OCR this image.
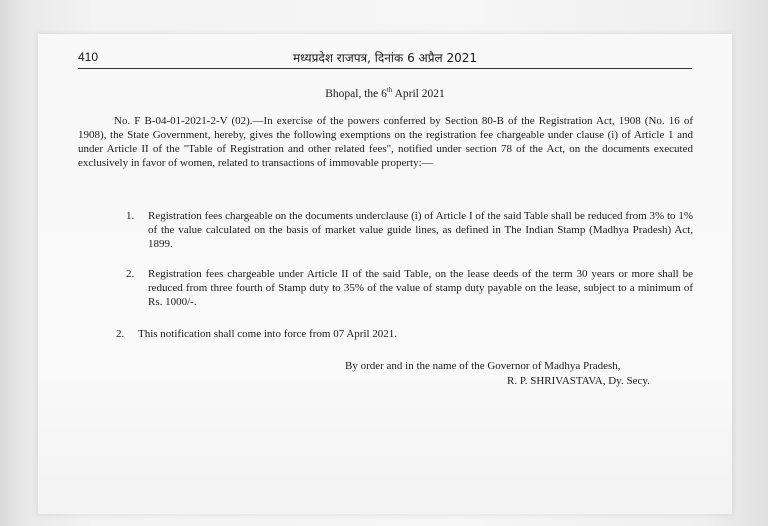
410	मध्यप्रदेश राजपत्र, दिनांक 6 अप्रैल 2021
Bhopal, the 6th April 2021
No. F B-04-01-2021-2-V (02).—In exercise of the powers conferred by Section 80-B of the Registration Act, 1908 (No. 16 of 1908), the State Government, hereby, gives the following exemptions on the registration fee chargeable under clause (i) of Article 1 and under Article II of the "Table of Registration and other related fees", notified under section 78 of the Act, on the documents executed exclusively in favor of women, related to transactions of immovable property:—
1. Registration fees chargeable on the documents underclause (i) of Article I of the said Table shall be reduced from 3% to 1% of the value calculated on the basis of market value guide lines, as defined in The Indian Stamp (Madhya Pradesh) Act, 1899.
2. Registration fees chargeable under Article II of the said Table, on the lease deeds of the term 30 years or more shall be reduced from three fourth of Stamp duty to 35% of the value of stamp duty payable on the lease, subject to a minimum of Rs. 1000/-.
2. This notification shall come into force from 07 April 2021.
By order and in the name of the Governor of Madhya Pradesh,
R. P. SHRIVASTAVA, Dy. Secy.
